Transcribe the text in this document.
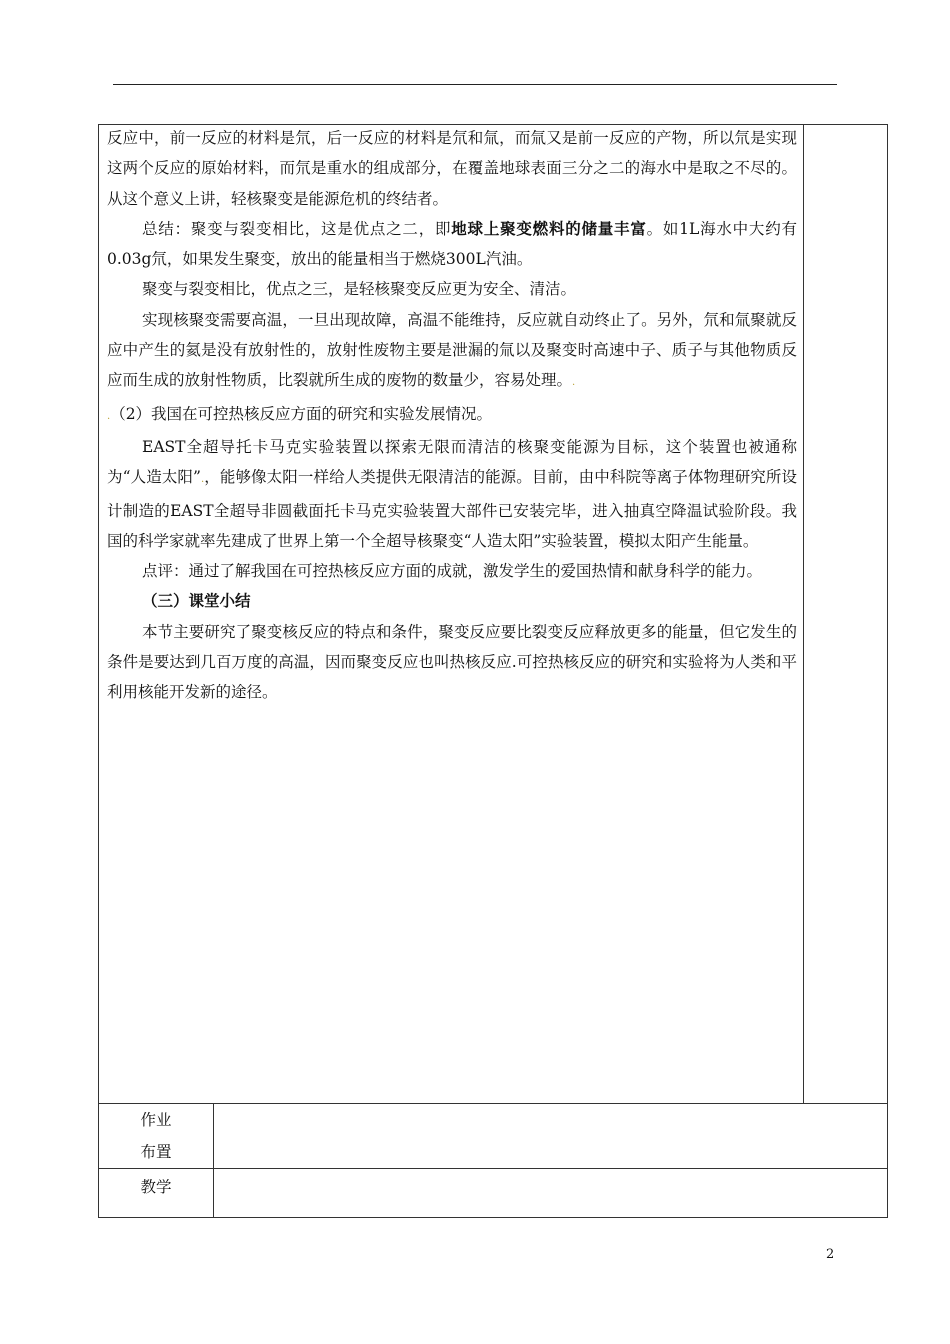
反应中，前一反应的材料是氘，后一反应的材料是氘和氚，而氚又是前一反应的产物，所以氘是实现这两个反应的原始材料，而氘是重水的组成部分，在覆盖地球表面三分之二的海水中是取之不尽的。从这个意义上讲，轻核聚变是能源危机的终结者。

总结：聚变与裂变相比，这是优点之二，即地球上聚变燃料的储量丰富。如1L海水中大约有0.03g氘，如果发生聚变，放出的能量相当于燃烧300L汽油。

聚变与裂变相比，优点之三，是轻核聚变反应更为安全、清洁。

实现核聚变需要高温，一旦出现故障，高温不能维持，反应就自动终止了。另外，氘和氚聚就反应中产生的氦是没有放射性的，放射性废物主要是泄漏的氚以及聚变时高速中子、质子与其他物质反应而生成的放射性物质，比裂就所生成的废物的数量少，容易处理。.

.（2）我国在可控热核反应方面的研究和实验发展情况。

EAST全超导托卡马克实验装置以探索无限而清洁的核聚变能源为目标，这个装置也被通称为“人造太阳”.，能够像太阳一样给人类提供无限清洁的能源。目前，由中科院等离子体物理研究所设计制造的EAST全超导非圆截面托卡马克实验装置大部件已安装完毕，进入抽真空降温试验阶段。我国的科学家就率先建成了世界上第一个全超导核聚变“人造太阳”实验装置，模拟太阳产生能量。

点评：通过了解我国在可控热核反应方面的成就，激发学生的爱国热情和献身科学的能力。

（三）课堂小结

本节主要研究了聚变核反应的特点和条件，聚变反应要比裂变反应释放更多的能量，但它发生的条件是要达到几百万度的高温，因而聚变反应也叫热核反应.可控热核反应的研究和实验将为人类和平利用核能开发新的途径。

作业
布置
教学
2
